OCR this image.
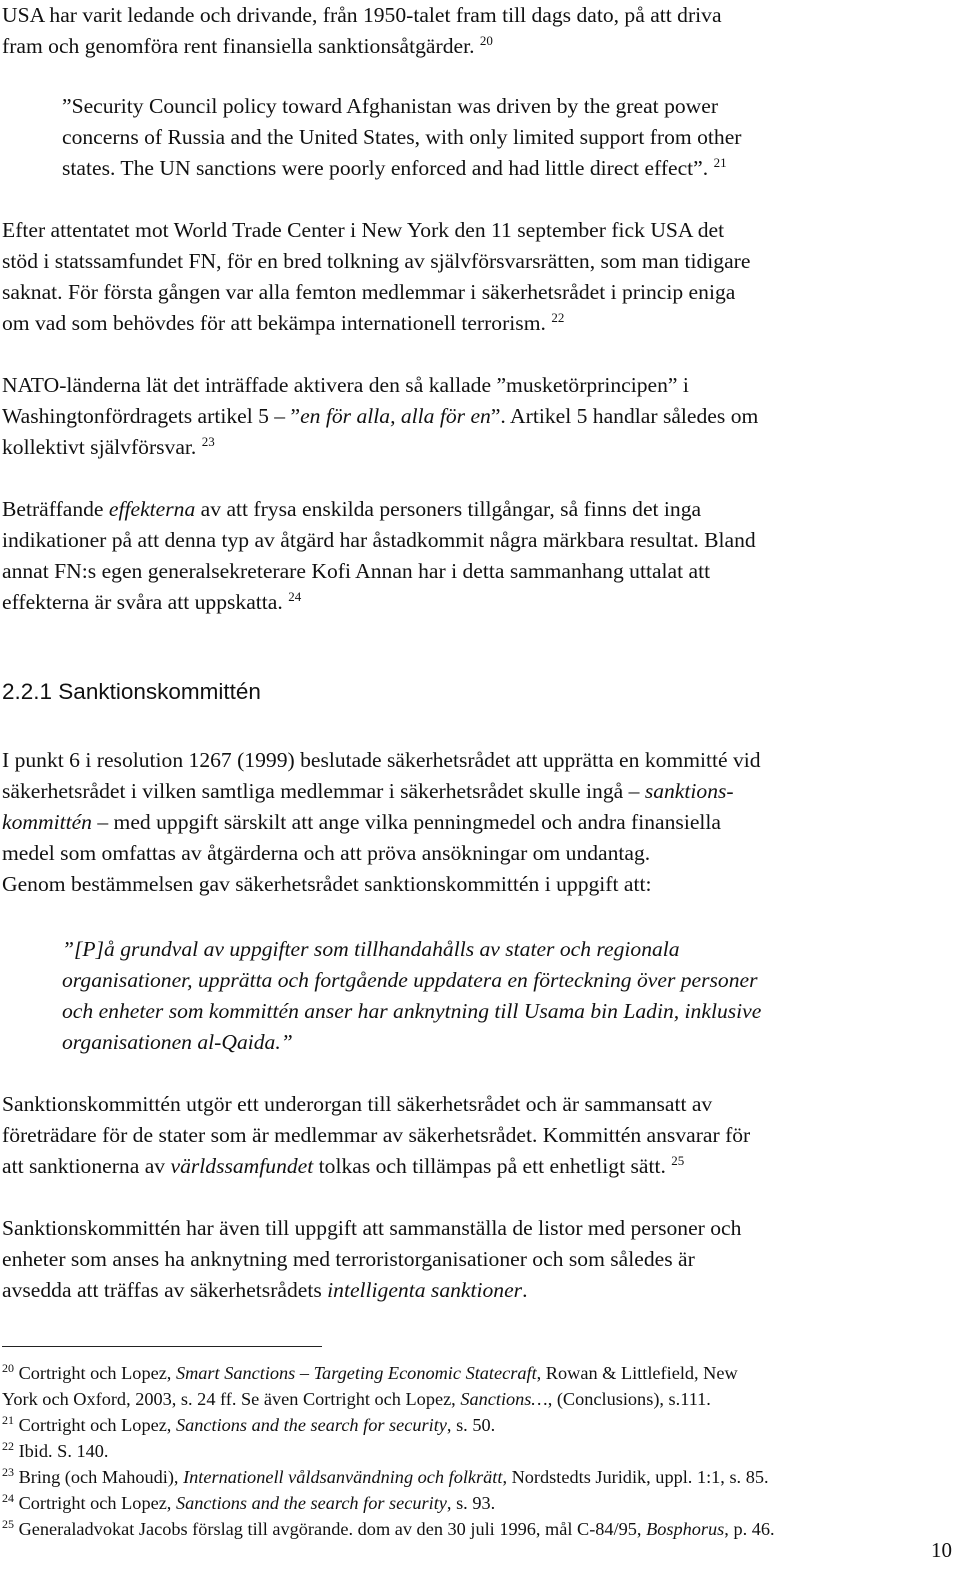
USA har varit ledande och drivande, från 1950-talet fram till dags dato, på att driva
fram och genomföra rent finansiella sanktionsåtgärder. $^{20}$

”Security Council policy toward Afghanistan was driven by the great power
concerns of Russia and the United States, with only limited support from other
states. The UN sanctions were poorly enforced and had little direct effect”. $^{21}$

Efter attentatet mot World Trade Center i New York den 11 september fick USA det
stöd i statssamfundet FN, för en bred tolkning av självförsvarsrätten, som man tidigare
saknat. För första gången var alla femton medlemmar i säkerhetsrådet i princip eniga
om vad som behövdes för att bekämpa internationell terrorism. $^{22}$

NATO-länderna lät det inträffade aktivera den så kallade ”musketörprincipen” i
Washingtonfördragets artikel 5 – ”en för alla, alla för en”. Artikel 5 handlar således om
kollektivt självförsvar. $^{23}$

Beträffande effekterna av att frysa enskilda personers tillgångar, så finns det inga
indikationer på att denna typ av åtgärd har åstadkommit några märkbara resultat. Bland
annat FN:s egen generalsekreterare Kofi Annan har i detta sammanhang uttalat att
effekterna är svåra att uppskatta. $^{24}$

2.2.1 Sanktionskommittén

I punkt 6 i resolution 1267 (1999) beslutade säkerhetsrådet att upprätta en kommitté vid
säkerhetsrådet i vilken samtliga medlemmar i säkerhetsrådet skulle ingå – sanktions-
kommittén – med uppgift särskilt att ange vilka penningmedel och andra finansiella
medel som omfattas av åtgärderna och att pröva ansökningar om undantag.
Genom bestämmelsen gav säkerhetsrådet sanktionskommittén i uppgift att:

”[P]å grundval av uppgifter som tillhandahålls av stater och regionala
organisationer, upprätta och fortgående uppdatera en förteckning över personer
och enheter som kommittén anser har anknytning till Usama bin Ladin, inklusive
organisationen al-Qaida.”

Sanktionskommittén utgör ett underorgan till säkerhetsrådet och är sammansatt av
företrädare för de stater som är medlemmar av säkerhetsrådet. Kommittén ansvarar för
att sanktionerna av världssamfundet tolkas och tillämpas på ett enhetligt sätt. $^{25}$

Sanktionskommittén har även till uppgift att sammanställa de listor med personer och
enheter som anses ha anknytning med terroristorganisationer och som således är
avsedda att träffas av säkerhetsrådets intelligenta sanktioner.

$^{20}$ Cortright och Lopez, Smart Sanctions – Targeting Economic Statecraft, Rowan & Littlefield, New
York och Oxford, 2003, s. 24 ff. Se även Cortright och Lopez, Sanctions…, (Conclusions), s.111.

$^{21}$ Cortright och Lopez, Sanctions and the search for security, s. 50.

$^{22}$ Ibid. S. 140.

$^{23}$ Bring (och Mahoudi), Internationell våldsanvändning och folkrätt, Nordstedts Juridik, uppl. 1:1, s. 85.

$^{24}$ Cortright och Lopez, Sanctions and the search for security, s. 93.

$^{25}$ Generaladvokat Jacobs förslag till avgörande. dom av den 30 juli 1996, mål C-84/95, Bosphorus, p. 46.

10
